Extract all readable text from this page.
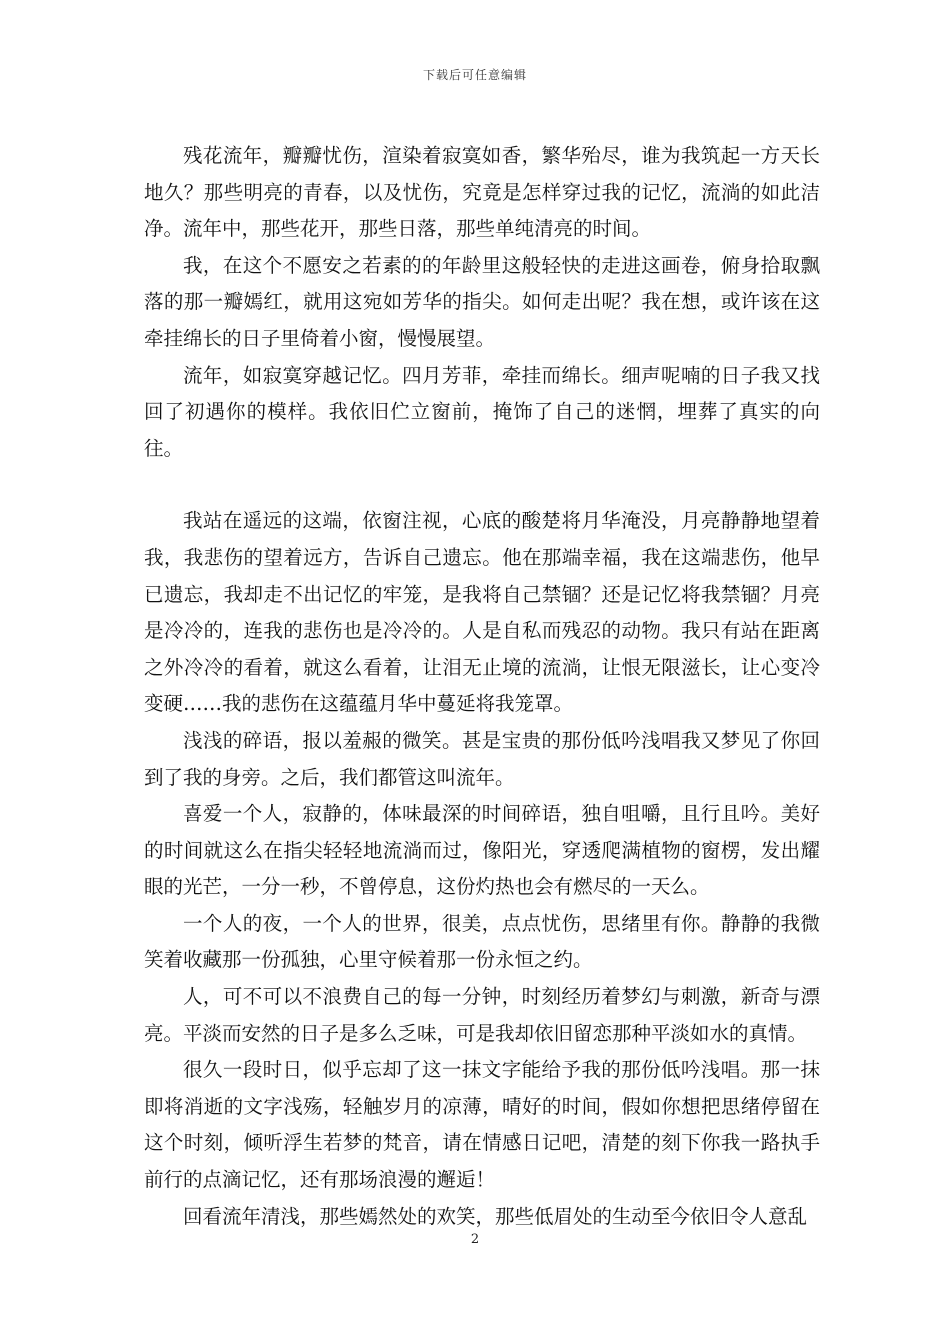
下载后可任意编辑

残花流年，瓣瓣忧伤，渲染着寂寞如香，繁华殆尽，谁为我筑起一方天长地久？那些明亮的青春，以及忧伤，究竟是怎样穿过我的记忆，流淌的如此洁净。流年中，那些花开，那些日落，那些单纯清亮的时间。

我，在这个不愿安之若素的的年龄里这般轻快的走进这画卷，俯身拾取飘落的那一瓣嫣红，就用这宛如芳华的指尖。如何走出呢？我在想，或许该在这牵挂绵长的日子里倚着小窗，慢慢展望。

流年，如寂寞穿越记忆。四月芳菲，牵挂而绵长。细声呢喃的日子我又找回了初遇你的模样。我依旧伫立窗前，掩饰了自己的迷惘，埋葬了真实的向往。

我站在遥远的这端，依窗注视，心底的酸楚将月华淹没，月亮静静地望着我，我悲伤的望着远方，告诉自己遗忘。他在那端幸福，我在这端悲伤，他早已遗忘，我却走不出记忆的牢笼，是我将自己禁锢？还是记忆将我禁锢？月亮是冷冷的，连我的悲伤也是冷冷的。人是自私而残忍的动物。我只有站在距离之外冷冷的看着，就这么看着，让泪无止境的流淌，让恨无限滋长，让心变冷变硬……我的悲伤在这蕴蕴月华中蔓延将我笼罩。

浅浅的碎语，报以羞赧的微笑。甚是宝贵的那份低吟浅唱我又梦见了你回到了我的身旁。之后，我们都管这叫流年。

喜爱一个人，寂静的，体味最深的时间碎语，独自咀嚼，且行且吟。美好的时间就这么在指尖轻轻地流淌而过，像阳光，穿透爬满植物的窗楞，发出耀眼的光芒，一分一秒，不曾停息，这份灼热也会有燃尽的一天么。

一个人的夜，一个人的世界，很美，点点忧伤，思绪里有你。静静的我微笑着收藏那一份孤独，心里守候着那一份永恒之约。

人，可不可以不浪费自己的每一分钟，时刻经历着梦幻与刺激，新奇与漂亮。平淡而安然的日子是多么乏味，可是我却依旧留恋那种平淡如水的真情。

很久一段时日，似乎忘却了这一抹文字能给予我的那份低吟浅唱。那一抹即将消逝的文字浅殇，轻触岁月的凉薄，晴好的时间，假如你想把思绪停留在这个时刻，倾听浮生若梦的梵音，请在情感日记吧，清楚的刻下你我一路执手前行的点滴记忆，还有那场浪漫的邂逅！

回看流年清浅，那些嫣然处的欢笑，那些低眉处的生动至今依旧令人意乱

2
